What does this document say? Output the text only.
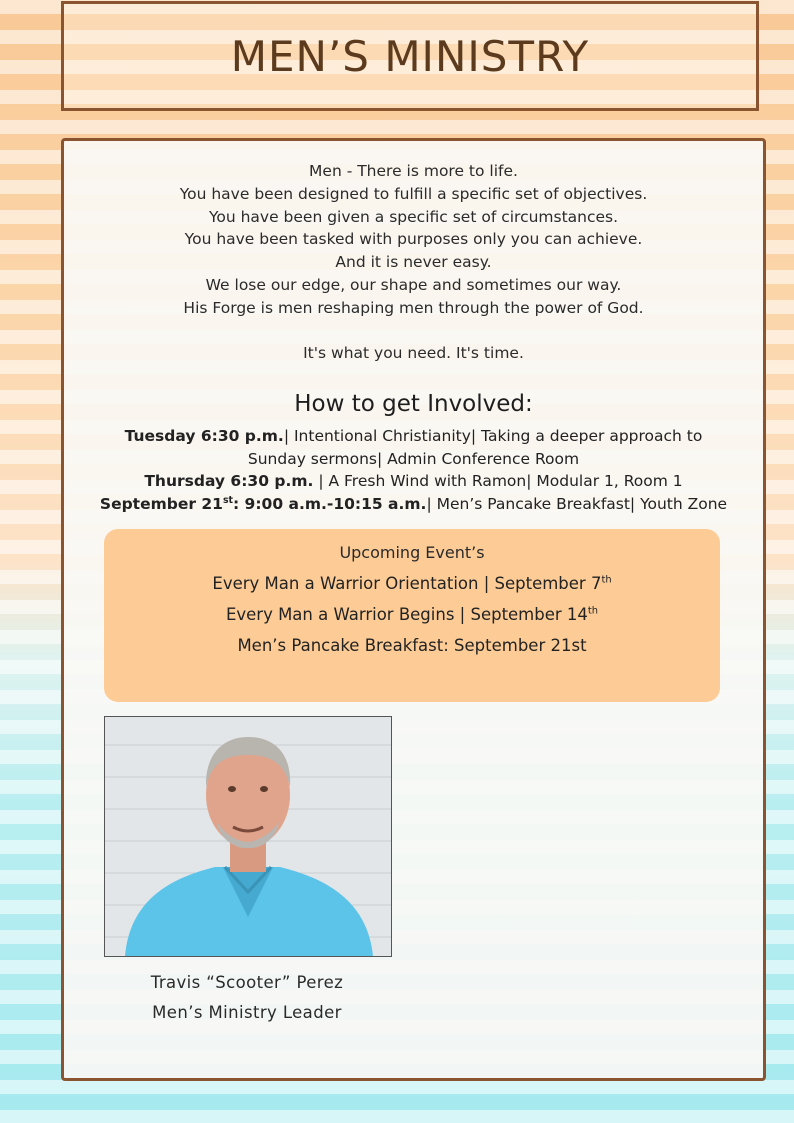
MEN’S MINISTRY

Men - There is more to life.

You have been designed to fulfill a specific set of objectives.

You have been given a specific set of circumstances.

You have been tasked with purposes only you can achieve.

And it is never easy.

We lose our edge, our shape and sometimes our way.

His Forge is men reshaping men through the power of God.

It's what you need. It's time.

How to get Involved:

Tuesday 6:30 p.m.| Intentional Christianity| Taking a deeper approach to

Sunday sermons| Admin Conference Room

Thursday 6:30 p.m. | A Fresh Wind with Ramon| Modular 1, Room 1

September 21st: 9:00 a.m.-10:15 a.m.| Men’s Pancake Breakfast| Youth Zone

Upcoming Event’s
Every Man a Warrior Orientation | September 7th
Every Man a Warrior Begins | September 14th
Men’s Pancake Breakfast: September 21st

Travis “Scooter” Perez

Men’s Ministry Leader
